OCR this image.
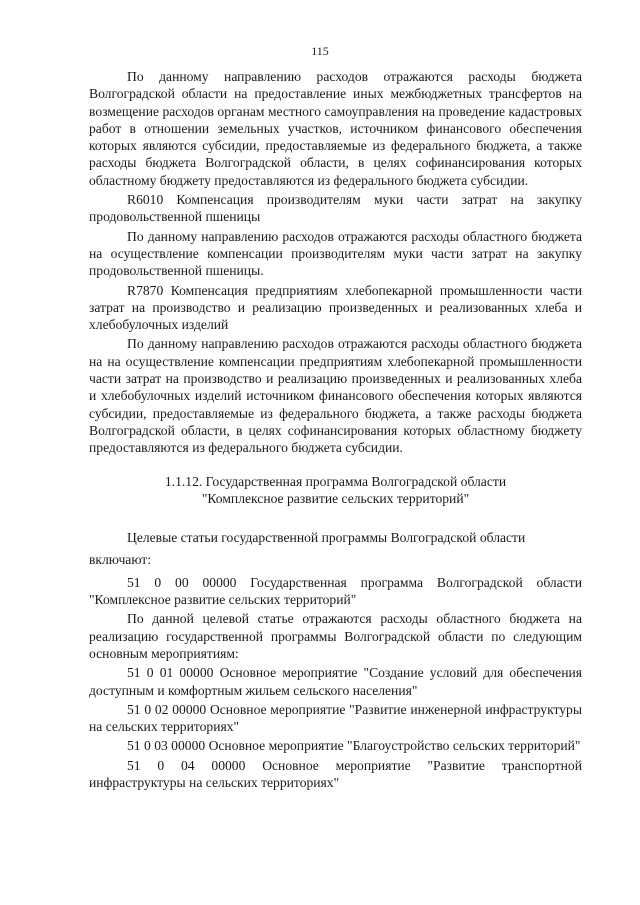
115

По данному направлению расходов отражаются расходы бюджета Волгоградской области на предоставление иных межбюджетных трансфертов на возмещение расходов органам местного самоуправления на проведение кадастровых работ в отношении земельных участков, источником финансового обеспечения которых являются субсидии, предоставляемые из федерального бюджета, а также расходы бюджета Волгоградской области, в целях софинансирования которых областному бюджету предоставляются из федерального бюджета субсидии.

R6010 Компенсация производителям муки части затрат на закупку продовольственной пшеницы

По данному направлению расходов отражаются расходы областного бюджета на осуществление компенсации производителям муки части затрат на закупку продовольственной пшеницы.

R7870 Компенсация предприятиям хлебопекарной промышленности части затрат на производство и реализацию произведенных и реализованных хлеба и хлебобулочных изделий

По данному направлению расходов отражаются расходы областного бюджета на на осуществление компенсации предприятиям хлебопекарной промышленности части затрат на производство и реализацию произведенных и реализованных хлеба и хлебобулочных изделий источником финансового обеспечения которых являются субсидии, предоставляемые из федерального бюджета, а также расходы бюджета Волгоградской области, в целях софинансирования которых областному бюджету предоставляются из федерального бюджета субсидии.

1.1.12. Государственная программа Волгоградской области
"Комплексное развитие сельских территорий"

Целевые статьи государственной программы Волгоградской области

включают:

51 0 00 00000 Государственная программа Волгоградской области "Комплексное развитие сельских территорий"

По данной целевой статье отражаются расходы областного бюджета на реализацию государственной программы Волгоградской области по следующим основным мероприятиям:

51 0 01 00000 Основное мероприятие "Создание условий для обеспечения доступным и комфортным жильем сельского населения"

51 0 02 00000 Основное мероприятие "Развитие инженерной инфраструктуры на сельских территориях"

51 0 03 00000 Основное мероприятие "Благоустройство сельских территорий"

51 0 04 00000 Основное мероприятие "Развитие транспортной инфраструктуры на сельских территориях"
